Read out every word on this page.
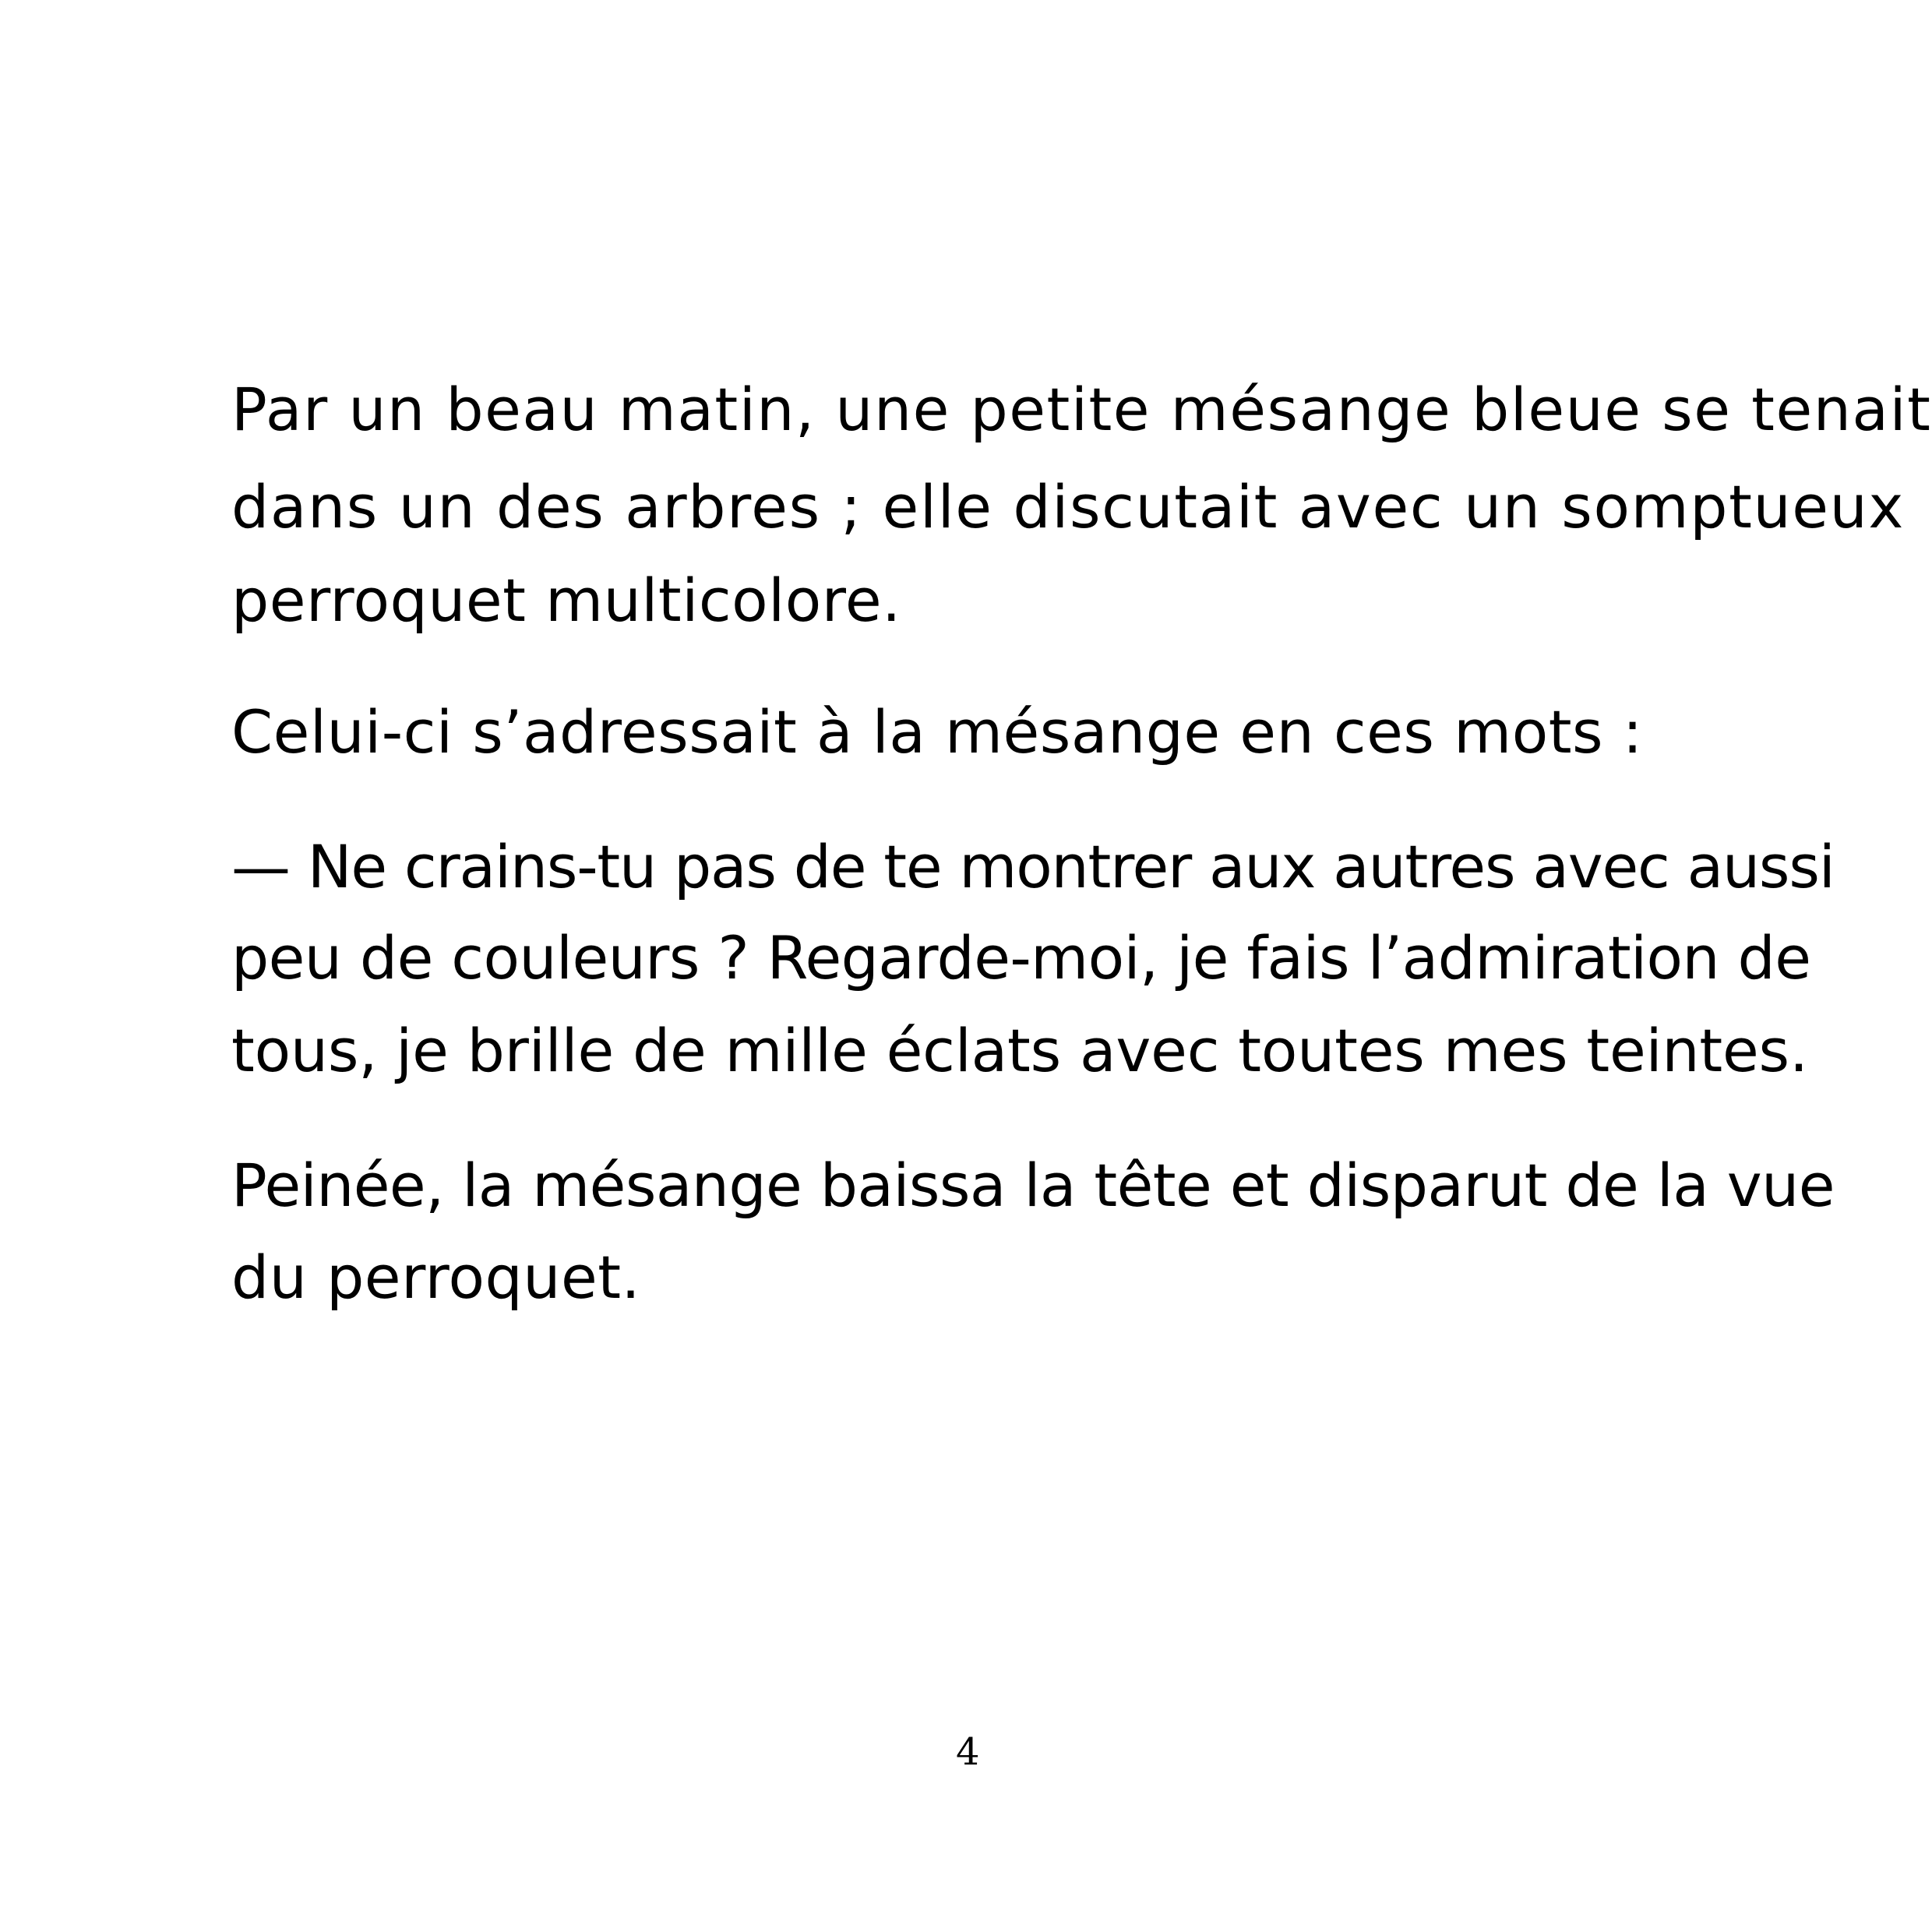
Par un beau matin, une petite mésange bleue se tenait
dans un des arbres ; elle discutait avec un somptueux
perroquet multicolore.
Celui-ci s’adressait à la mésange en ces mots :
— Ne crains-tu pas de te montrer aux autres avec aussi
peu de couleurs ? Regarde-moi, je fais l’admiration de
tous, je brille de mille éclats avec toutes mes teintes.
Peinée, la mésange baissa la tête et disparut de la vue
du perroquet.
4
